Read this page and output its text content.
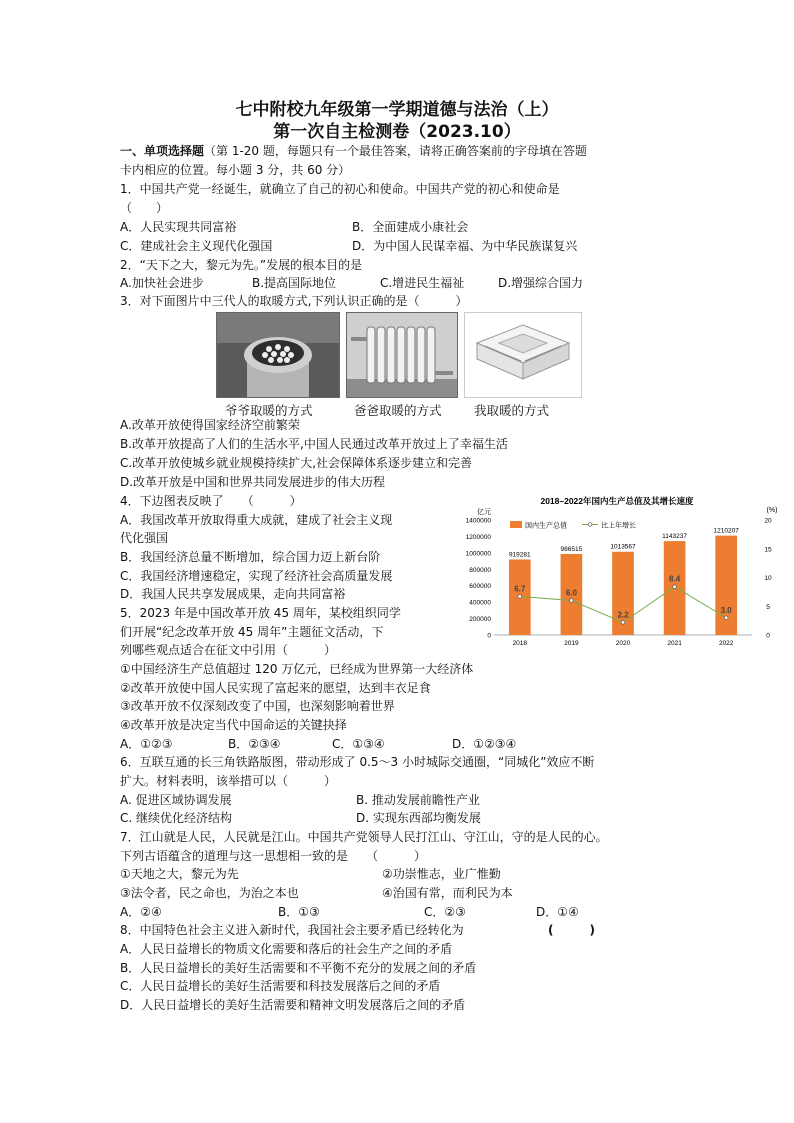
七中附校九年级第一学期道德与法治（上）
第一次自主检测卷（2023.10）
一、单项选择题（第 1-20 题，每题只有一个最佳答案，请将正确答案前的字母填在答题
卡内相应的位置。每小题 3 分，共 60 分）
1．中国共产党一经诞生，就确立了自己的初心和使命。中国共产党的初心和使命是
（　　）
A．人民实现共同富裕	B．全面建成小康社会
C．建成社会主义现代化强国	D．为中国人民谋幸福、为中华民族谋复兴
2．“天下之大，黎元为先。”发展的根本目的是
A.加快社会进步	B.提高国际地位	C.增进民生福祉	D.增强综合国力
3．对下面图片中三代人的取暖方式,下列认识正确的是（　　　）
爷爷取暖的方式	爸爸取暖的方式	我取暖的方式
A.改革开放使得国家经济空前繁荣
B.改革开放提高了人们的生活水平,中国人民通过改革开放过上了幸福生活
C.改革开放使城乡就业规模持续扩大,社会保障体系逐步建立和完善
D.改革开放是中国和世界共同发展进步的伟大历程
4．下边图表反映了　　（　　　）
A．我国改革开放取得重大成就，建成了社会主义现
代化强国
B．我国经济总量不断增加，综合国力迈上新台阶
C．我国经济增速稳定，实现了经济社会高质量发展
D．我国人民共享发展成果，走向共同富裕
5．2023 年是中国改革开放 45 周年，某校组织同学
们开展“纪念改革开放 45 周年”主题征文活动，下
列哪些观点适合在征文中引用（　　　）
①中国经济生产总值超过 120 万亿元，已经成为世界第一大经济体
②改革开放使中国人民实现了富起来的愿望，达到丰衣足食
③改革开放不仅深刻改变了中国，也深刻影响着世界
④改革开放是决定当代中国命运的关键抉择
A．①②③	B．②③④	C．①③④	D．①②③④
6．互联互通的长三角铁路版图，带动形成了 0.5～3 小时城际交通圈，“同城化”效应不断
扩大。材料表明，该举措可以（　　　）
A. 促进区域协调发展	B. 推动发展前瞻性产业
C. 继续优化经济结构	D. 实现东西部均衡发展
7．江山就是人民，人民就是江山。中国共产党领导人民打江山、守江山，守的是人民的心。
下列古语蕴含的道理与这一思想相一致的是　　（　　　）
①天地之大，黎元为先	②功崇惟志，业广惟勤
③法令者，民之命也，为治之本也	④治国有常，而利民为本
A．②④	B．①③	C．②③	D．①④
8．中国特色社会主义进入新时代，我国社会主要矛盾已经转化为	(　　　)
A．人民日益增长的物质文化需要和落后的社会生产之间的矛盾
B．人民日益增长的美好生活需要和不平衡不充分的发展之间的矛盾
C．人民日益增长的美好生活需要和科技发展落后之间的矛盾
D．人民日益增长的美好生活需要和精神文明发展落后之间的矛盾
2018–2022年国内生产总值及其增长速度
亿元	(%)
0
200000
400000
600000
800000
1000000
1200000
1400000
0
5
10
15
20
2018	2019	2020	2021	2022
919281
986515	1013567
1143237
1210207
6.7	6.0
2.2
8.4
3.0
国内生产总值	比上年增长
